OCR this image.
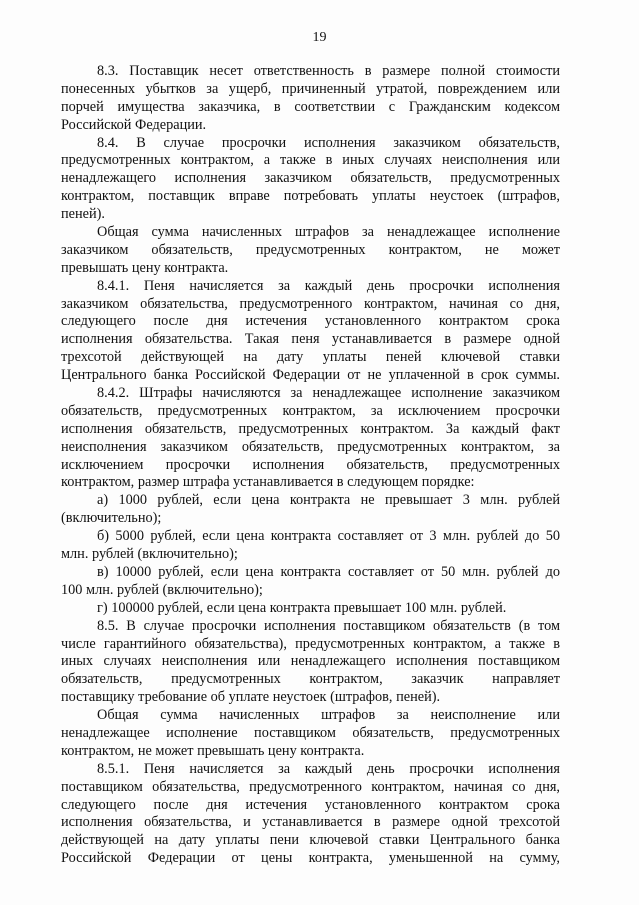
19
8.3. Поставщик несет ответственность в размере полной стоимости
понесенных убытков за ущерб, причиненный утратой, повреждением или
порчей имущества заказчика, в соответствии с Гражданским кодексом
Российской Федерации.
8.4. В случае просрочки исполнения заказчиком обязательств,
предусмотренных контрактом, а также в иных случаях неисполнения или
ненадлежащего исполнения заказчиком обязательств, предусмотренных
контрактом, поставщик вправе потребовать уплаты неустоек (штрафов,
пеней).
Общая сумма начисленных штрафов за ненадлежащее исполнение
заказчиком обязательств, предусмотренных контрактом, не может
превышать цену контракта.
8.4.1. Пеня начисляется за каждый день просрочки исполнения
заказчиком обязательства, предусмотренного контрактом, начиная со дня,
следующего после дня истечения установленного контрактом срока
исполнения обязательства. Такая пеня устанавливается в размере одной
трехсотой действующей на дату уплаты пеней ключевой ставки
Центрального банка Российской Федерации от не уплаченной в срок суммы.
8.4.2. Штрафы начисляются за ненадлежащее исполнение заказчиком
обязательств, предусмотренных контрактом, за исключением просрочки
исполнения обязательств, предусмотренных контрактом. За каждый факт
неисполнения заказчиком обязательств, предусмотренных контрактом, за
исключением просрочки исполнения обязательств, предусмотренных
контрактом, размер штрафа устанавливается в следующем порядке:
а) 1000 рублей, если цена контракта не превышает 3 млн. рублей
(включительно);
б) 5000 рублей, если цена контракта составляет от 3 млн. рублей до 50
млн. рублей (включительно);
в) 10000 рублей, если цена контракта составляет от 50 млн. рублей до
100 млн. рублей (включительно);
г) 100000 рублей, если цена контракта превышает 100 млн. рублей.
8.5. В случае просрочки исполнения поставщиком обязательств (в том
числе гарантийного обязательства), предусмотренных контрактом, а также в
иных случаях неисполнения или ненадлежащего исполнения поставщиком
обязательств, предусмотренных контрактом, заказчик направляет
поставщику требование об уплате неустоек (штрафов, пеней).
Общая сумма начисленных штрафов за неисполнение или
ненадлежащее исполнение поставщиком обязательств, предусмотренных
контрактом, не может превышать цену контракта.
8.5.1. Пеня начисляется за каждый день просрочки исполнения
поставщиком обязательства, предусмотренного контрактом, начиная со дня,
следующего после дня истечения установленного контрактом срока
исполнения обязательства, и устанавливается в размере одной трехсотой
действующей на дату уплаты пени ключевой ставки Центрального банка
Российской Федерации от цены контракта, уменьшенной на сумму,
